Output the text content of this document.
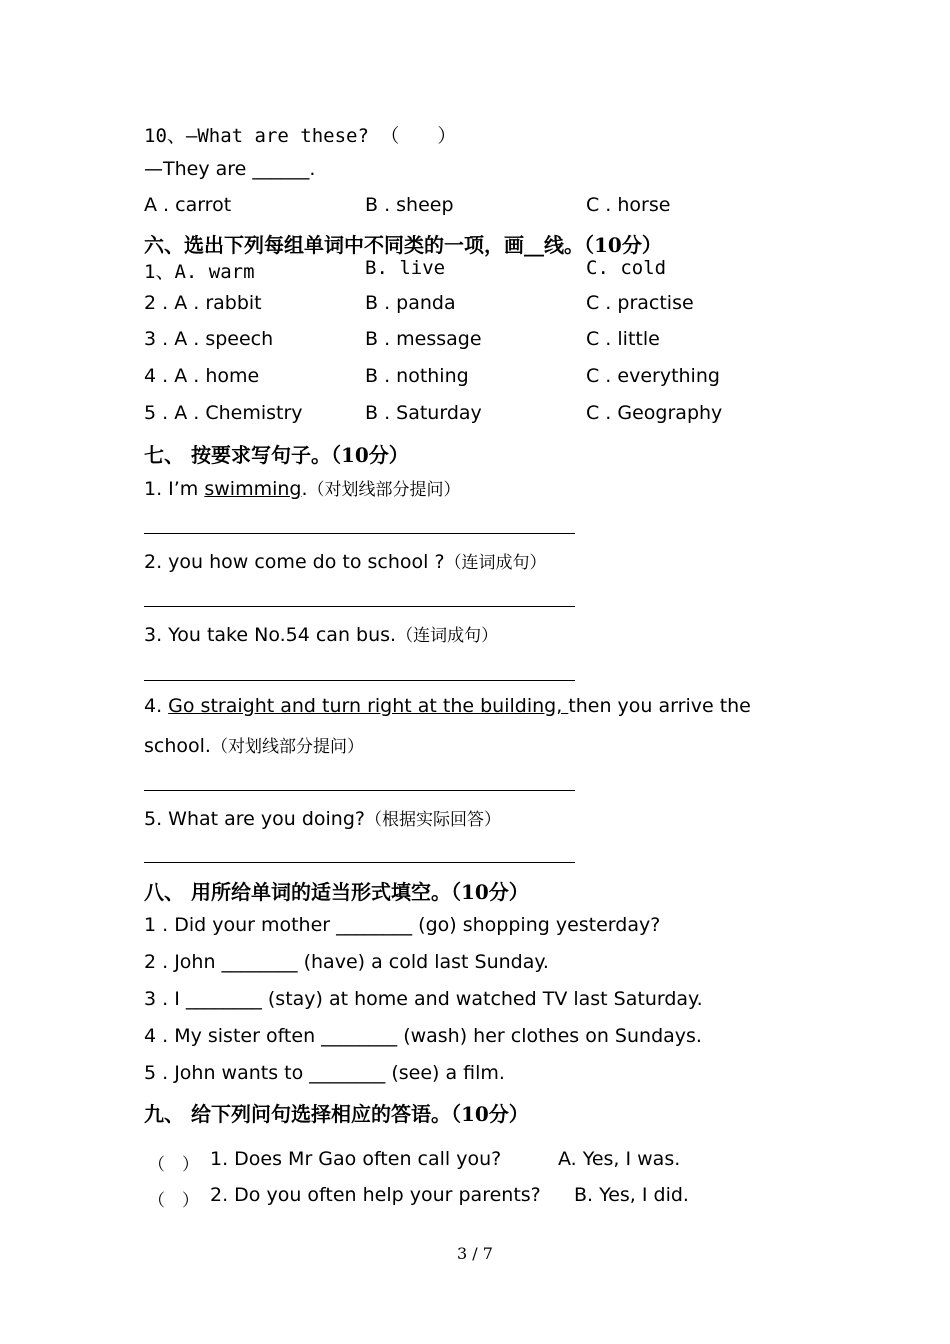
10、—What are these? （　　）
—They are ______.
A . carrot	B . sheep	C . horse
六、选出下列每组单词中不同类的一项，画__线。（10分）
1、A. warm	B. live	C. cold
2 . A . rabbit	B . panda	C . practise
3 . A . speech	B . message	C . little
4 . A . home	B . nothing	C . everything
5 . A . Chemistry	B . Saturday	C . Geography
七、 按要求写句子。（10分）
1. I’m swimming.（对划线部分提问）
2. you how come do to school ?（连词成句）
3. You take No.54 can bus.（连词成句）
4. Go straight and turn right at the building, then you arrive the
school.（对划线部分提问）
5. What are you doing?（根据实际回答）
八、 用所给单词的适当形式填空。（10分）
1 . Did your mother ________ (go) shopping yesterday?
2 . John ________ (have) a cold last Sunday.
3 . I ________ (stay) at home and watched TV last Saturday.
4 . My sister often ________ (wash) her clothes on Sundays.
5 . John wants to ________ (see) a film.
九、 给下列问句选择相应的答语。（10分）
（　） 1. Does Mr Gao often call you?	A. Yes, I was.
（　） 2. Do you often help your parents? B. Yes, I did.
3 / 7
